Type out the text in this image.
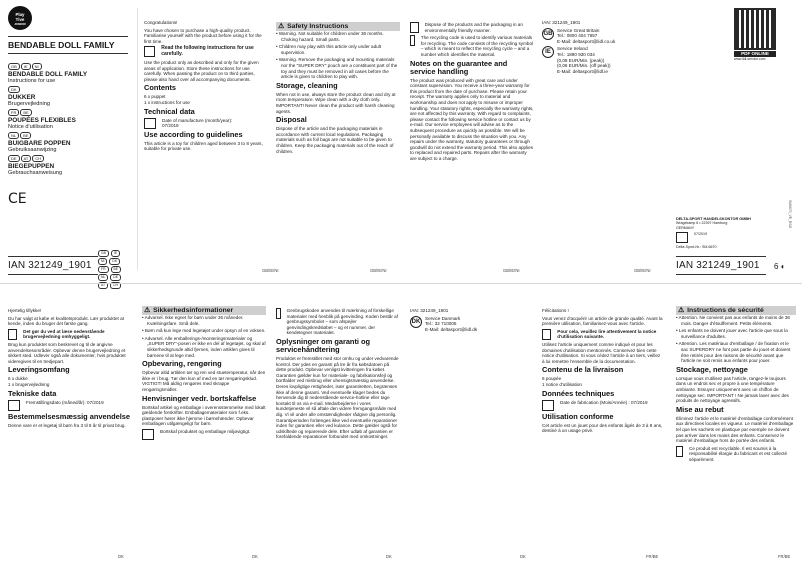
Play
Tive
JUNIOR
BENDABLE DOLL FAMILY
GB IE NI
BENDABLE DOLL FAMILY
Instructions for use
DK
DUKKER
Brugervejledning
FR BE
POUPÉES FLEXIBLES
Notice d'utilisation
NL BE
BUIGBARE POPPEN
Gebruiksaanwijzing
DE AT CH
BIEGEPUPPEN
Gebrauchsanweisung
CE
IAN 321249_1901
GB	IE
NI	DK
FR	BE
NL	DE
AT	CH

Congratulations!

You have chosen to purchase a high-quality product. Familiarise yourself with the product before using it for the first time.

Read the following instructions for use carefully.

Use the product only as described and only for the given areas of application. Store these instructions for use carefully. When passing the product on to third parties, please also hand over all accompanying documents.

Contents
6 x puppet
1 x instructions for use
Technical data
Date of manufacture (month/year):
07/2019
Use according to guidelines

This article is a toy for children aged between 3 to 8 years, suitable for private use.

⚠ Safety Instructions

• Warning. Not suitable for children under 36 months. Choking hazard. Small parts.

• Children may play with this article only under adult supervision.

• Warning. Remove the packaging and mounting materials nor the “SUPER DRY” pouch are a constituent part of the toy and they must be removed in all cases before the article is given to children to play with.

Storage, cleaning

When not in use, always store the product clean and dry at room temperature. Wipe clean with a dry cloth only. IMPORTANT! Never clean the product with harsh cleaning agents.

Disposal

Dispose of the article and the packaging materials in accordance with current local regulations. Packaging materials such as foil bags are not suitable to be given to children. Keep the packaging materials out of the reach of children.

Dispose of the products and the packaging in an environmentally friendly manner.
The recycling code is used to identify various materials for recycling. The code consists of the recycling symbol – which is meant to reflect the recycling cycle – and a number which identifies the material.
Notes on the guarantee and service handling

The product was produced with great care and under constant supervision. You receive a three-year warranty for this product from the date of purchase. Please retain your receipt. The warranty applies only to material and workmanship and does not apply to misuse or improper handling. Your statutory rights, especially the warranty rights, are not affected by this warranty. With regard to complaints, please contact the following service hotline or contact us by e-mail. Our service employees will advise as to the subsequent procedure as quickly as possible. We will be personally available to discuss the situation with you. Any repairs under the warranty, statutory guarantees or through goodwill do not extend the warranty period. This also applies to replaced and repaired parts. Repairs after the warranty are subject to a charge.

IAN: 321249_1901

GB
Service Great Britain
Tel.: 0800 404 7657
E-Mail: deltasport@lidl.co.uk
IE
Service Ireland
Tel.: 1890 930 034
(0,08 EUR/Min. (peak))
(0,06 EUR/Min. (off peak))
E-Mail: deltasport@lidl.ie
PDF ONLINE
www.lidl-service.com
DELTA-SPORT HANDELSKONTOR GMBH
Wragekamp 6 • 22397 Hamburg
GERMANY
07/2019
Delta-Sport-Nr.: SM-6670
SM6670_VE_RSG
IAN 321249_1901	6 ◐
GB/IE/NI	GB/IE/NI	GB/IE/NI	GB/IE/NI

Hjertelig tillykke!

Du har valgt at købe et kvalitetsprodukt. Lær produktet at kende, inden du bruger det første gang.

Det gør du ved at læse nedenstående brugervejledning omhyggeligt.

Brug kun produktet som beskrevet og til de angivne anvendelsesområder. Opbevar denne brugervejledning et sikkert sted. Udlever også alle dokumenter, hvis produktet videregives til en tredjepart.

Leveringsomfang
6 x dukke
1 x brugervejledning
Tekniske data
Fremstillingsdato (måned/år): 07/2019
Bestemmelsesmæssig anvendelse

Denne vare er et legetøj til børn fra 3 til 8 år til privat brug.

⚠ Sikkerhedsinformationer

• Advarsel. Ikke egnet for børn under 36 måneder. Kvælningsfare. Små dele.

• Børn må kun lege med legetøjet under opsyn af en voksen.

• Advarsel. Alle emballerings-/monteringsmaterialer og „SUPER DRY“-posen er ikke en del af legetøjet, og skal af sikkerhedsgrunde altid fjernes, inden artiklen gives til børnene til at lege med.

Opbevaring, rengøring

Opbevar altid artiklen tør og ren ved stuetemperatur, når den ikke er i brug. Tør den kun af med en tør rengøringsklud. VIGTIGT! Må aldrig rengøres med skrappe rengøringsmidler.

Henvisninger vedr. bortskaffelse

Bortskaf artikel og emballage i overensstemmelse med lokalt gældende forskrifter. Emballagematerialer som f.eks. plastposer hører ikke hjemme i børnehænder. Opbevar emballagen utilgængeligt for børn.

Bortskaf produktet og emballage miljøvigtigt.
Genbrugskoden anvendes til mærkning af forskellige materialer med henblik på genvinding. Koden består af genbrugssymbolet – som afspejler genvindingskredsløbet – og et nummer, der kendetegner materialet.
Oplysninger om garanti og servicehåndtering

Produktet er fremstillet med stor omhu og under vedvarende kontrol. Der ydes en garanti på tre år fra købsdatoen på dette produkt. Opbevar venligst kvitteringen fra købet. Garantien gælder kun for materiale- og fabrikationsfejl og bortfalder ved misbrug eller uhensigtsmæssig anvendelse. Deres lovpligtige rettigheder, især garantiretten, begrænses ikke af denne garanti. Ved eventuelle klager bedes du henvende dig til nedenstående service-hotline eller tage kontakt til os via e-mail. Medarbejderne i vores kundetjeneste vil så aftale den videre fremgangsmåde med dig. Vi vil under alle omstændigheder rådgive dig personlig. Garantiperioden forlænges ikke ved eventuelle reparationer inden for garantien eller ved kulance. Dette gælder også for udskiftede og reparerede dele. Efter udløb af garantien er forefaldende reparationer forbundet med omkostninger.

IAN: 321249_1901

DK
Service Danmark
Tel.: 32 710005
E-Mail: deltasport@lidl.dk

Félicitations !

Vous venez d'acquérir un article de grande qualité. Avant la première utilisation, familiarisez-vous avec l'article.

Pour cela, veuillez lire attentivement la notice d'utilisation suivante.

Utilisez l'article uniquement comme indiqué et pour les domaines d'utilisation mentionnés. Conservez bien cette notice d'utilisation. Si vous cédez l'article à un tiers, veillez à lui remettre l'ensemble de la documentation.

Contenu de la livraison
6 poupée
1 notice d'utilisation
Données techniques
Date de fabrication (Mois/Année) : 07/2019
Utilisation conforme

Cet article est un jouet pour des enfants âgés de 3 à 8 ans, destiné à un usage privé.

⚠ Instructions de sécurité

• Attention. Ne convient pas aux enfants de moins de 36 mois. Danger d'étouffement. Petits éléments.

• Les enfants ne doivent jouer avec l'article que sous la surveillance d'adultes.

• Attention. Les matériaux d'emballage / de fixation et le sac SUPERDRY ne font pas partie du jouet et doivent être retirés pour des raisons de sécurité avant que l'article ne soit remis aux enfants pour jouer.

Stockage, nettoyage

Lorsque vous n'utilisez pas l'article, rangez-le toujours dans un endroit sec et propre à une température ambiante. Essuyez uniquement avec un chiffon de nettoyage sec. IMPORTANT ! Ne jamais laver avec des produits de nettoyage agressifs.

Mise au rebut

Éliminez l'article et le matériel d'emballage conformément aux directives locales en vigueur. Le matériel d'emballage tel que les sachets en plastique par exemple ne doivent pas arriver dans les mains des enfants. Conservez le matériel d'emballage hors de portée des enfants.

Ce produit est recyclable. Il est soumis à la responsabilité élargie du fabricant et est collecté séparément.
DK	DK	DK	DK	FR/BE	FR/BE
